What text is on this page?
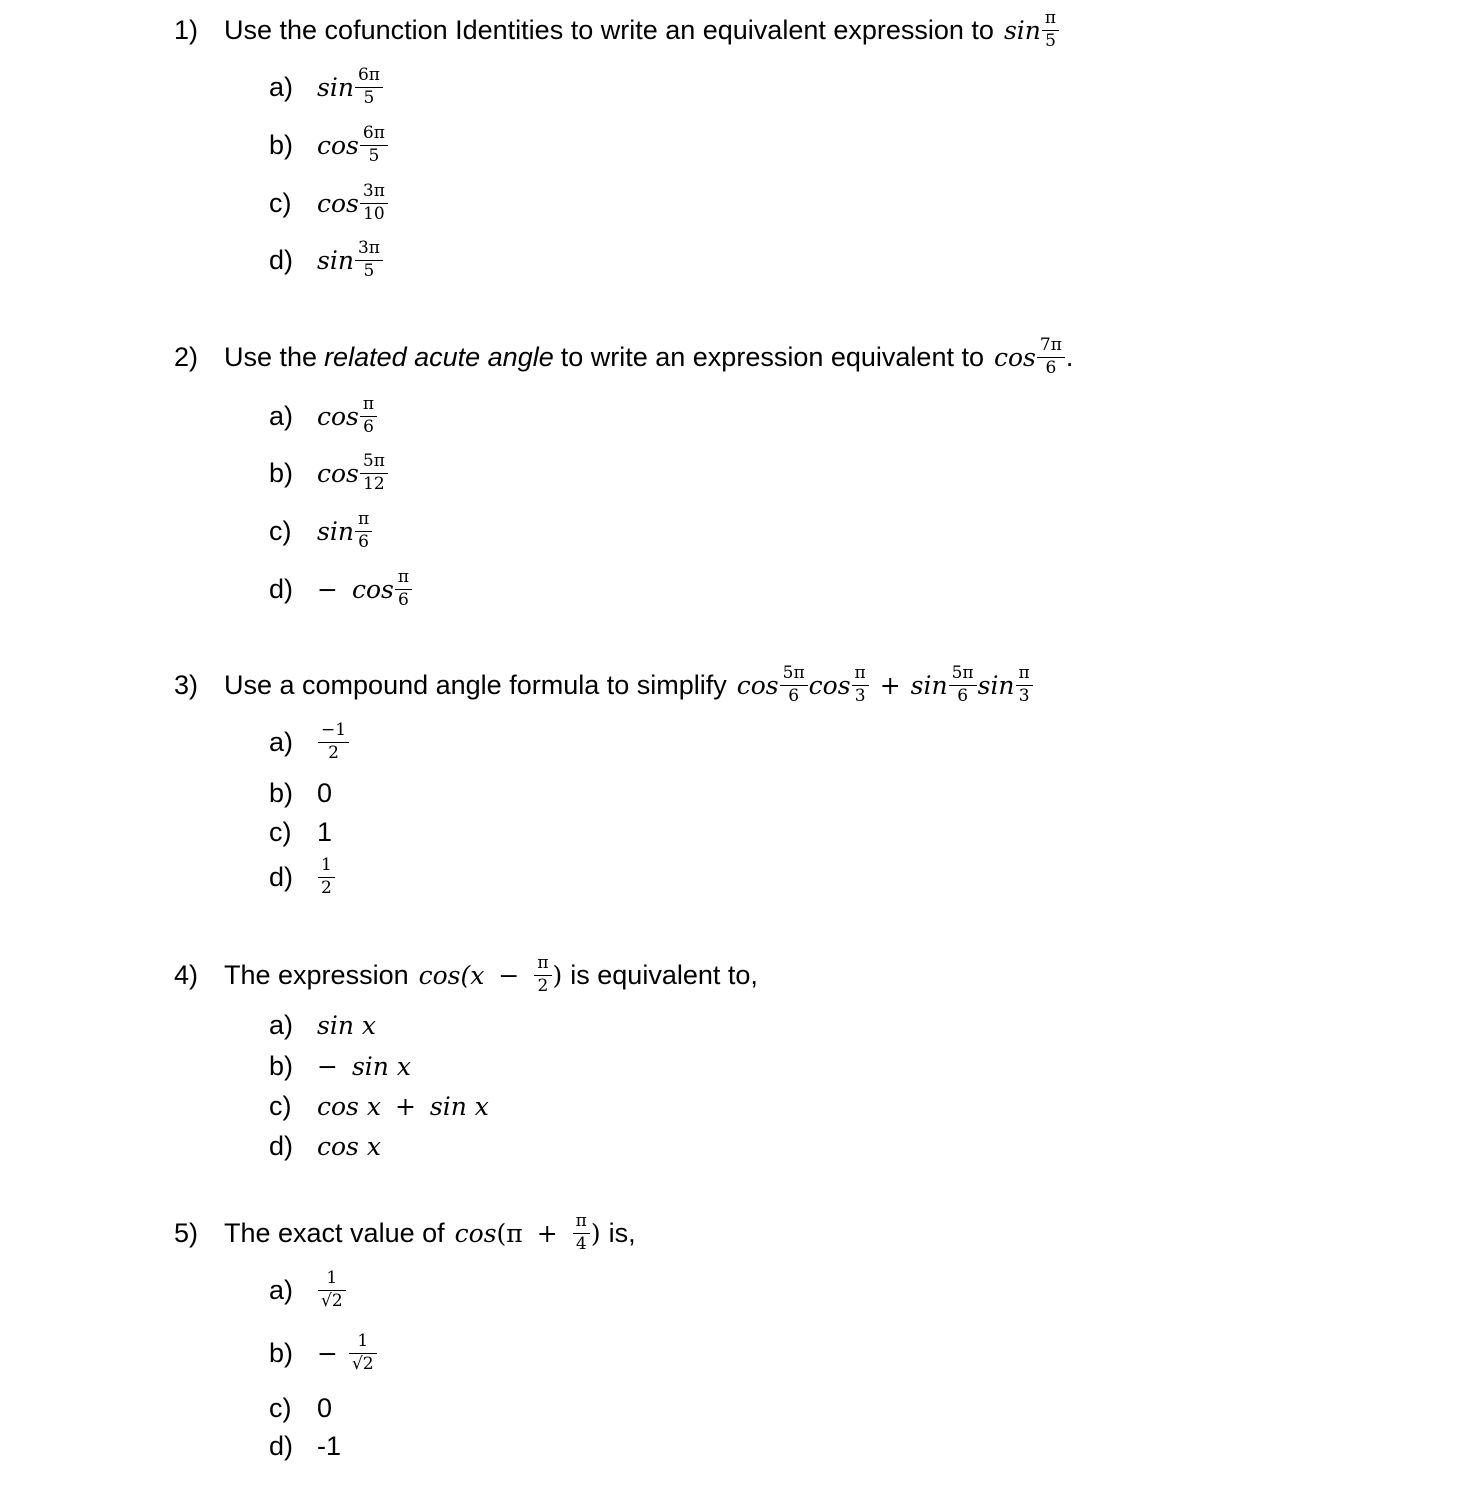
1) Use the cofunction Identities to write an equivalent expression to $\sin \frac{\pi}{5}$
a) $\sin \frac{6\pi}{5}$
b) $\cos \frac{6\pi}{5}$
c)	$\cos \frac{3\pi}{10}$
d) $\sin \frac{3\pi}{5}$
2) Use the related acute angle to write an expression equivalent to $\cos \frac{7\pi}{6}$ .
a) $\cos \frac{\pi}{6}$
b) $\cos \frac{5\pi}{12}$
c)	$\sin \frac{\pi}{6}$
$d) - \cos \frac{\pi}{6}$
3) Use a compound angle formula to simplify $\cos \frac{5\pi}{6}$ $\cos \frac{\pi}{3} + \sin \frac{5\pi}{6}$ $\sin \frac{\pi}{3}$
a)	$\frac{-1}{2}$
b) 0
c) 1
d)	$\frac{1}{2}$
4) The expression $\cos(x - \frac{\pi}{2}$ ) is equivalent to,
a) sin x
b) − sin x
c)	cos x + sin x
d) cos x
5) The exact value of $\cos (\pi + \frac{\pi}{4}$ ) is,
a)	$\frac{1}{√2}$
$b) - \frac{1}{√2}$
c) 0
d) -1
